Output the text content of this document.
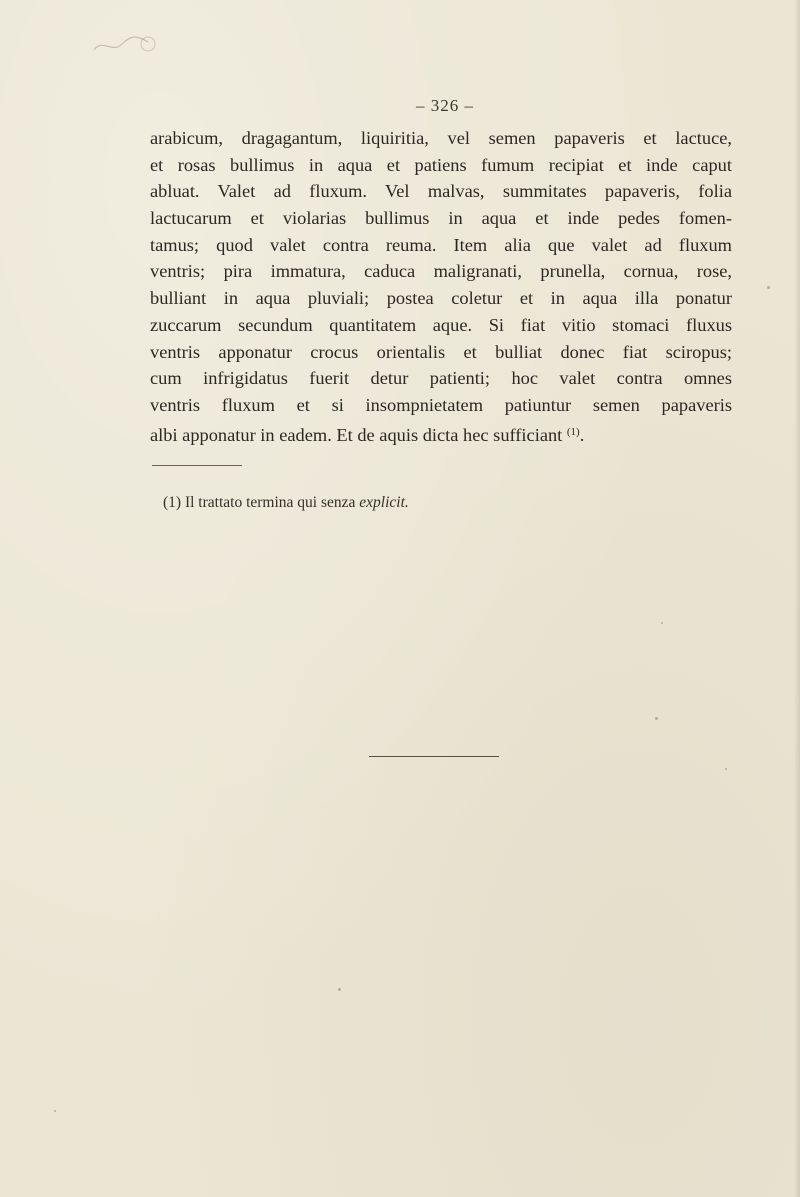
– 326 –
arabicum, dragagantum, liquiritia, vel semen papaveris et lactuce,
et rosas bullimus in aqua et patiens fumum recipiat et inde caput
abluat. Valet ad fluxum. Vel malvas, summitates papaveris, folia
lactucarum et violarias bullimus in aqua et inde pedes fomen-
tamus; quod valet contra reuma. Item alia que valet ad fluxum
ventris; pira immatura, caduca maligranati, prunella, cornua, rose,
bulliant in aqua pluviali; postea coletur et in aqua illa ponatur
zuccarum secundum quantitatem aque. Si fiat vitio stomaci fluxus
ventris apponatur crocus orientalis et bulliat donec fiat sciropus;
cum infrigidatus fuerit detur patienti; hoc valet contra omnes
ventris fluxum et si insompnietatem patiuntur semen papaveris
albi apponatur in eadem. Et de aquis dicta hec sufficiant $^{(1)}$.
(1) Il trattato termina qui senza explicit.
